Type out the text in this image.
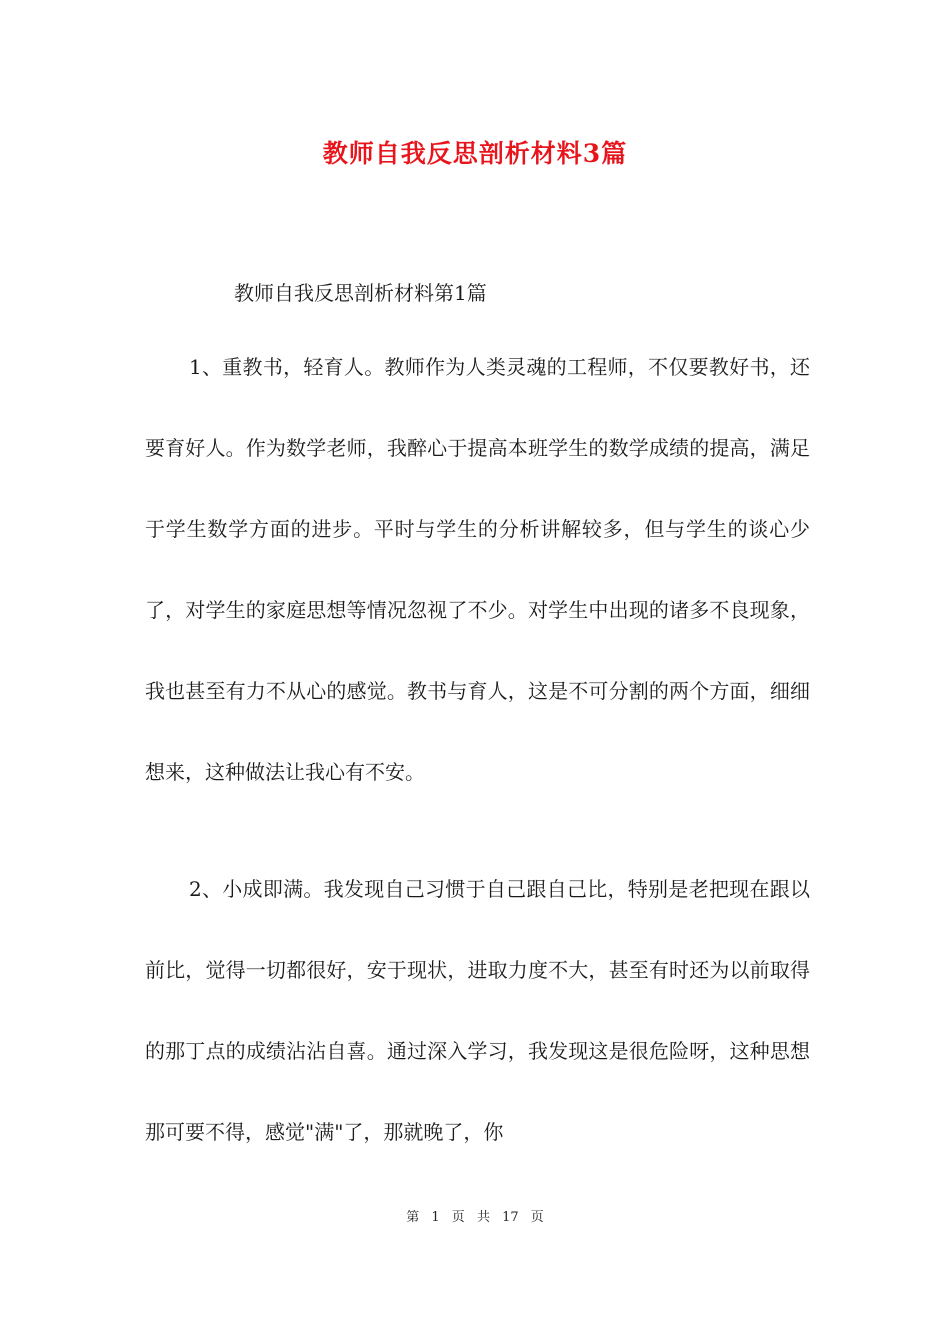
教师自我反思剖析材料3篇
教师自我反思剖析材料第1篇

1、重教书，轻育人。教师作为人类灵魂的工程师，不仅要教好书，还要育好人。作为数学老师，我醉心于提高本班学生的数学成绩的提高，满足于学生数学方面的进步。平时与学生的分析讲解较多，但与学生的谈心少了，对学生的家庭思想等情况忽视了不少。对学生中出现的诸多不良现象，我也甚至有力不从心的感觉。教书与育人，这是不可分割的两个方面，细细想来，这种做法让我心有不安。

2、小成即满。我发现自己习惯于自己跟自己比，特别是老把现在跟以前比，觉得一切都很好，安于现状，进取力度不大，甚至有时还为以前取得的那丁点的成绩沾沾自喜。通过深入学习，我发现这是很危险呀，这种思想那可要不得，感觉"满"了，那就晚了，你

第 1 页 共 17 页
